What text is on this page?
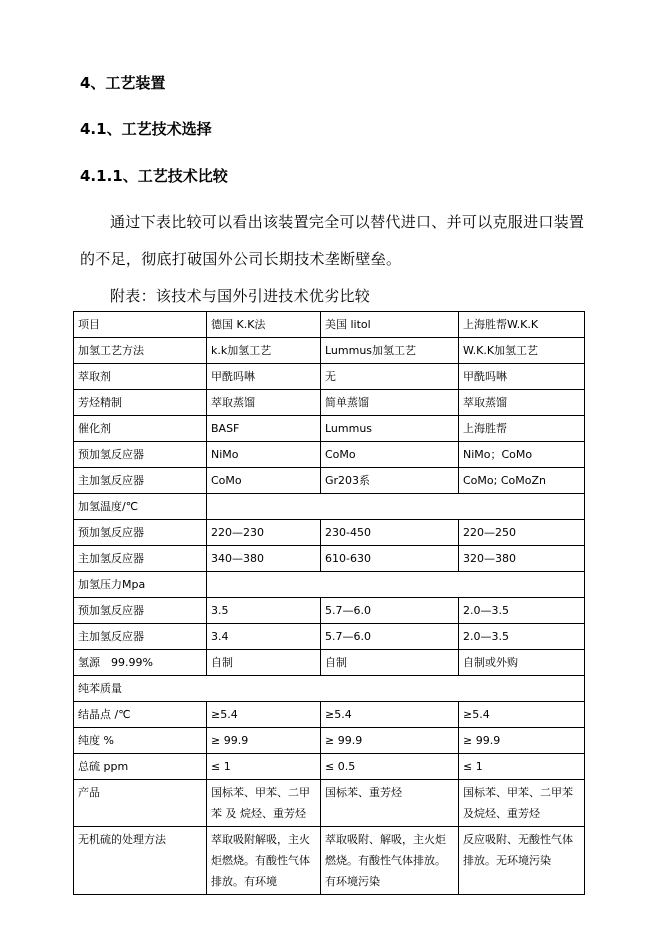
4、工艺装置
4.1、工艺技术选择
4.1.1、工艺技术比较
通过下表比较可以看出该装置完全可以替代进口、并可以克服进口装置
的不足，彻底打破国外公司长期技术垄断壁垒。
附表：该技术与国外引进技术优劣比较
项目	德国 K.K法	美国 litol	上海胜帮W.K.K
加氢工艺方法	k.k加氢工艺	Lummus加氢工艺	W.K.K加氢工艺
萃取剂	甲酰吗啉	无	甲酰吗啉
芳烃精制	萃取蒸馏	简单蒸馏	萃取蒸馏
催化剂	BASF	Lummus	上海胜帮
预加氢反应器	NiMo	CoMo	NiMo；CoMo
主加氢反应器	CoMo	Gr203系	CoMo; CoMoZn
加氢温度/℃			
预加氢反应器	220—230	230-450	220—250
主加氢反应器	340—380	610-630	320—380
加氢压力Mpa			
预加氢反应器	3.5	5.7—6.0	2.0—3.5
主加氢反应器	3.4	5.7—6.0	2.0—3.5
氢源　99.99%	自制	自制	自制或外购
纯苯质量			
结晶点 /℃	≥5.4	≥5.4	≥5.4
纯度 %	≥ 99.9	≥ 99.9	≥ 99.9
总硫 ppm	≤ 1	≤ 0.5	≤ 1
产品	国标苯、甲苯、二甲苯 及 烷烃、重芳烃	国标苯、重芳烃	国标苯、甲苯、二甲苯 及烷烃、重芳烃
无机硫的处理方法	萃取吸附解吸，主火炬燃烧。有酸性气体排放。有环境	萃取吸附、解吸，主火炬燃烧。有酸性气体排放。有环境污染	反应吸附、无酸性气体排放。无环境污染
